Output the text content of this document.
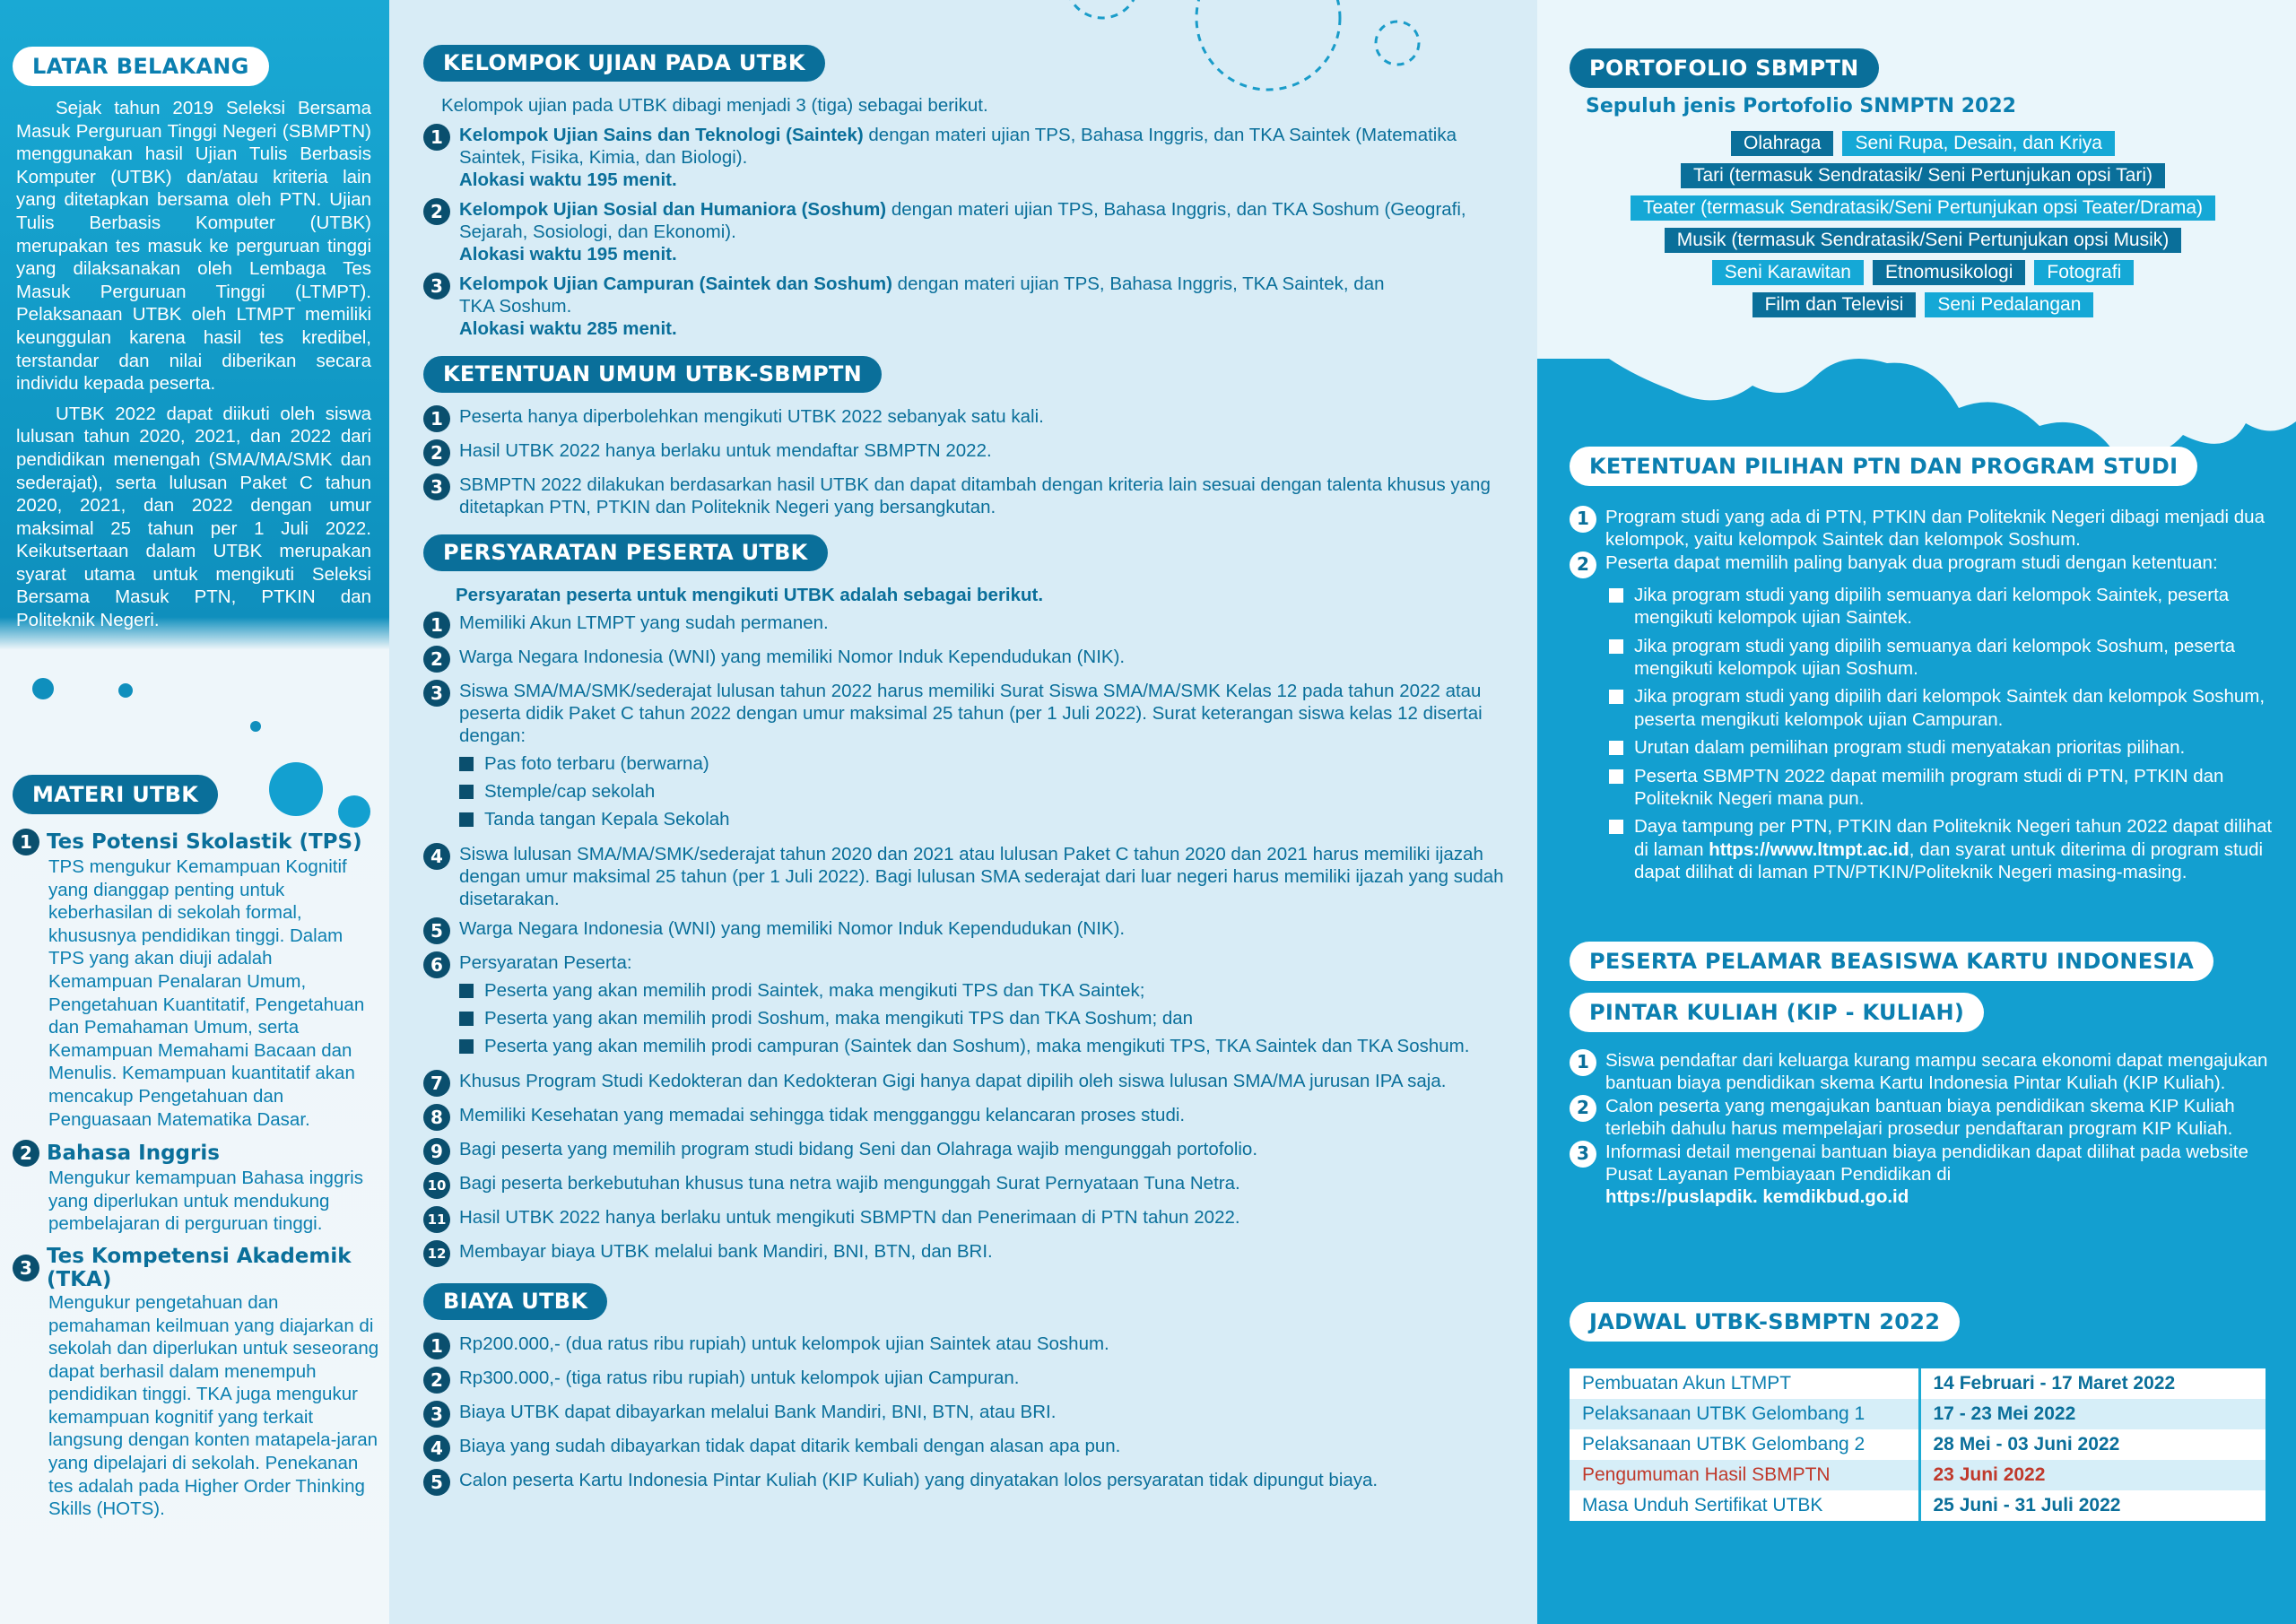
LATAR BELAKANG

Sejak tahun 2019 Seleksi Bersama Masuk Perguruan Tinggi Negeri (SBMPTN) menggunakan hasil Ujian Tulis Berbasis Komputer (UTBK) dan/atau kriteria lain yang ditetapkan bersama oleh PTN. Ujian Tulis Berbasis Komputer (UTBK) merupakan tes masuk ke perguruan tinggi yang dilaksanakan oleh Lembaga Tes Masuk Perguruan Tinggi (LTMPT). Pelaksanaan UTBK oleh LTMPT memiliki keunggulan karena hasil tes kredibel, terstandar dan nilai diberikan secara individu kepada peserta.

UTBK 2022 dapat diikuti oleh siswa lulusan tahun 2020, 2021, dan 2022 dari pendidikan menengah (SMA/MA/SMK dan sederajat), serta lulusan Paket C tahun 2020, 2021, dan 2022 dengan umur maksimal 25 tahun per 1 Juli 2022. Keikutsertaan dalam UTBK merupakan syarat utama untuk mengikuti Seleksi Bersama Masuk PTN, PTKIN dan Politeknik Negeri.

MATERI UTBK
1 Tes Potensi Skolastik (TPS)
TPS mengukur Kemampuan Kognitif yang dianggap penting untuk keberhasilan di sekolah formal, khususnya pendidikan tinggi. Dalam TPS yang akan diuji adalah Kemampuan Penalaran Umum, Pengetahuan Kuantitatif, Pengetahuan dan Pemahaman Umum, serta Kemampuan Memahami Bacaan dan Menulis. Kemampuan kuantitatif akan mencakup Pengetahuan dan Penguasaan Matematika Dasar.
2 Bahasa Inggris
Mengukur kemampuan Bahasa inggris yang diperlukan untuk mendukung pembelajaran di perguruan tinggi.
3 Tes Kompetensi Akademik (TKA)
Mengukur pengetahuan dan pemahaman keilmuan yang diajarkan di sekolah dan diperlukan untuk seseorang dapat berhasil dalam menempuh pendidikan tinggi. TKA juga mengukur kemampuan kognitif yang terkait langsung dengan konten matapela-jaran yang dipelajari di sekolah. Penekanan tes adalah pada Higher Order Thinking Skills (HOTS).
KELOMPOK UJIAN PADA UTBK
Kelompok ujian pada UTBK dibagi menjadi 3 (tiga) sebagai berikut.
1 Kelompok Ujian Sains dan Teknologi (Saintek) dengan materi ujian TPS, Bahasa Inggris, dan TKA Saintek (Matematika Saintek, Fisika, Kimia, dan Biologi).
Alokasi waktu 195 menit.
2 Kelompok Ujian Sosial dan Humaniora (Soshum) dengan materi ujian TPS, Bahasa Inggris, dan TKA Soshum (Geografi, Sejarah, Sosiologi, dan Ekonomi).
Alokasi waktu 195 menit.
3 Kelompok Ujian Campuran (Saintek dan Soshum) dengan materi ujian TPS, Bahasa Inggris, TKA Saintek, dan TKA Soshum.
Alokasi waktu 285 menit.
KETENTUAN UMUM UTBK-SBMPTN
1 Peserta hanya diperbolehkan mengikuti UTBK 2022 sebanyak satu kali.
2 Hasil UTBK 2022 hanya berlaku untuk mendaftar SBMPTN 2022.
3 SBMPTN 2022 dilakukan berdasarkan hasil UTBK dan dapat ditambah dengan kriteria lain sesuai dengan talenta khusus yang ditetapkan PTN, PTKIN dan Politeknik Negeri yang bersangkutan.
PERSYARATAN PESERTA UTBK
Persyaratan peserta untuk mengikuti UTBK adalah sebagai berikut.
1 Memiliki Akun LTMPT yang sudah permanen.
2 Warga Negara Indonesia (WNI) yang memiliki Nomor Induk Kependudukan (NIK).
3 Siswa SMA/MA/SMK/sederajat lulusan tahun 2022 harus memiliki Surat Siswa SMA/MA/SMK Kelas 12 pada tahun 2022 atau peserta didik Paket C tahun 2022 dengan umur maksimal 25 tahun (per 1 Juli 2022). Surat keterangan siswa kelas 12 disertai dengan:
Pas foto terbaru (berwarna)
Stemple/cap sekolah
Tanda tangan Kepala Sekolah
4 Siswa lulusan SMA/MA/SMK/sederajat tahun 2020 dan 2021 atau lulusan Paket C tahun 2020 dan 2021 harus memiliki ijazah dengan umur maksimal 25 tahun (per 1 Juli 2022). Bagi lulusan SMA sederajat dari luar negeri harus memiliki ijazah yang sudah disetarakan.
5 Warga Negara Indonesia (WNI) yang memiliki Nomor Induk Kependudukan (NIK).
6 Persyaratan Peserta:
Peserta yang akan memilih prodi Saintek, maka mengikuti TPS dan TKA Saintek;
Peserta yang akan memilih prodi Soshum, maka mengikuti TPS dan TKA Soshum; dan
Peserta yang akan memilih prodi campuran (Saintek dan Soshum), maka mengikuti TPS, TKA Saintek dan TKA Soshum.
7 Khusus Program Studi Kedokteran dan Kedokteran Gigi hanya dapat dipilih oleh siswa lulusan SMA/MA jurusan IPA saja.
8 Memiliki Kesehatan yang memadai sehingga tidak mengganggu kelancaran proses studi.
9 Bagi peserta yang memilih program studi bidang Seni dan Olahraga wajib mengunggah portofolio.
10 Bagi peserta berkebutuhan khusus tuna netra wajib mengunggah Surat Pernyataan Tuna Netra.
11 Hasil UTBK 2022 hanya berlaku untuk mengikuti SBMPTN dan Penerimaan di PTN tahun 2022.
12 Membayar biaya UTBK melalui bank Mandiri, BNI, BTN, dan BRI.
BIAYA UTBK
1 Rp200.000,- (dua ratus ribu rupiah) untuk kelompok ujian Saintek atau Soshum.
2 Rp300.000,- (tiga ratus ribu rupiah) untuk kelompok ujian Campuran.
3 Biaya UTBK dapat dibayarkan melalui Bank Mandiri, BNI, BTN, atau BRI.
4 Biaya yang sudah dibayarkan tidak dapat ditarik kembali dengan alasan apa pun.
5 Calon peserta Kartu Indonesia Pintar Kuliah (KIP Kuliah) yang dinyatakan lolos persyaratan tidak dipungut biaya.
PORTOFOLIO SBMPTN
Sepuluh jenis Portofolio SNMPTN 2022
Olahraga	Seni Rupa, Desain, dan Kriya
Tari (termasuk Sendratasik/ Seni Pertunjukan opsi Tari)
Teater (termasuk Sendratasik/Seni Pertunjukan opsi Teater/Drama)
Musik (termasuk Sendratasik/Seni Pertunjukan opsi Musik)
Seni Karawitan	Etnomusikologi	Fotografi
Film dan Televisi	Seni Pedalangan
KETENTUAN PILIHAN PTN DAN PROGRAM STUDI
1 Program studi yang ada di PTN, PTKIN dan Politeknik Negeri dibagi menjadi dua kelompok, yaitu kelompok Saintek dan kelompok Soshum.
2 Peserta dapat memilih paling banyak dua program studi dengan ketentuan:
Jika program studi yang dipilih semuanya dari kelompok Saintek, peserta mengikuti kelompok ujian Saintek.
Jika program studi yang dipilih semuanya dari kelompok Soshum, peserta mengikuti kelompok ujian Soshum.
Jika program studi yang dipilih dari kelompok Saintek dan kelompok Soshum, peserta mengikuti kelompok ujian Campuran.
Urutan dalam pemilihan program studi menyatakan prioritas pilihan.
Peserta SBMPTN 2022 dapat memilih program studi di PTN, PTKIN dan Politeknik Negeri mana pun.
Daya tampung per PTN, PTKIN dan Politeknik Negeri tahun 2022 dapat dilihat di laman https://www.ltmpt.ac.id, dan syarat untuk diterima di program studi dapat dilihat di laman PTN/PTKIN/Politeknik Negeri masing-masing.
PESERTA PELAMAR BEASISWA KARTU INDONESIA
PINTAR KULIAH (KIP - KULIAH)
1 Siswa pendaftar dari keluarga kurang mampu secara ekonomi dapat mengajukan bantuan biaya pendidikan skema Kartu Indonesia Pintar Kuliah (KIP Kuliah).
2 Calon peserta yang mengajukan bantuan biaya pendidikan skema KIP Kuliah terlebih dahulu harus mempelajari prosedur pendaftaran program KIP Kuliah.
3 Informasi detail mengenai bantuan biaya pendidikan dapat dilihat pada website Pusat Layanan Pembiayaan Pendidikan di
https://puslapdik. kemdikbud.go.id
JADWAL UTBK-SBMPTN 2022
Pembuatan Akun LTMPT	14 Februari - 17 Maret 2022
Pelaksanaan UTBK Gelombang 1	17 - 23 Mei 2022
Pelaksanaan UTBK Gelombang 2	28 Mei - 03 Juni 2022
Pengumuman Hasil SBMPTN	23 Juni 2022
Masa Unduh Sertifikat UTBK	25 Juni - 31 Juli 2022
